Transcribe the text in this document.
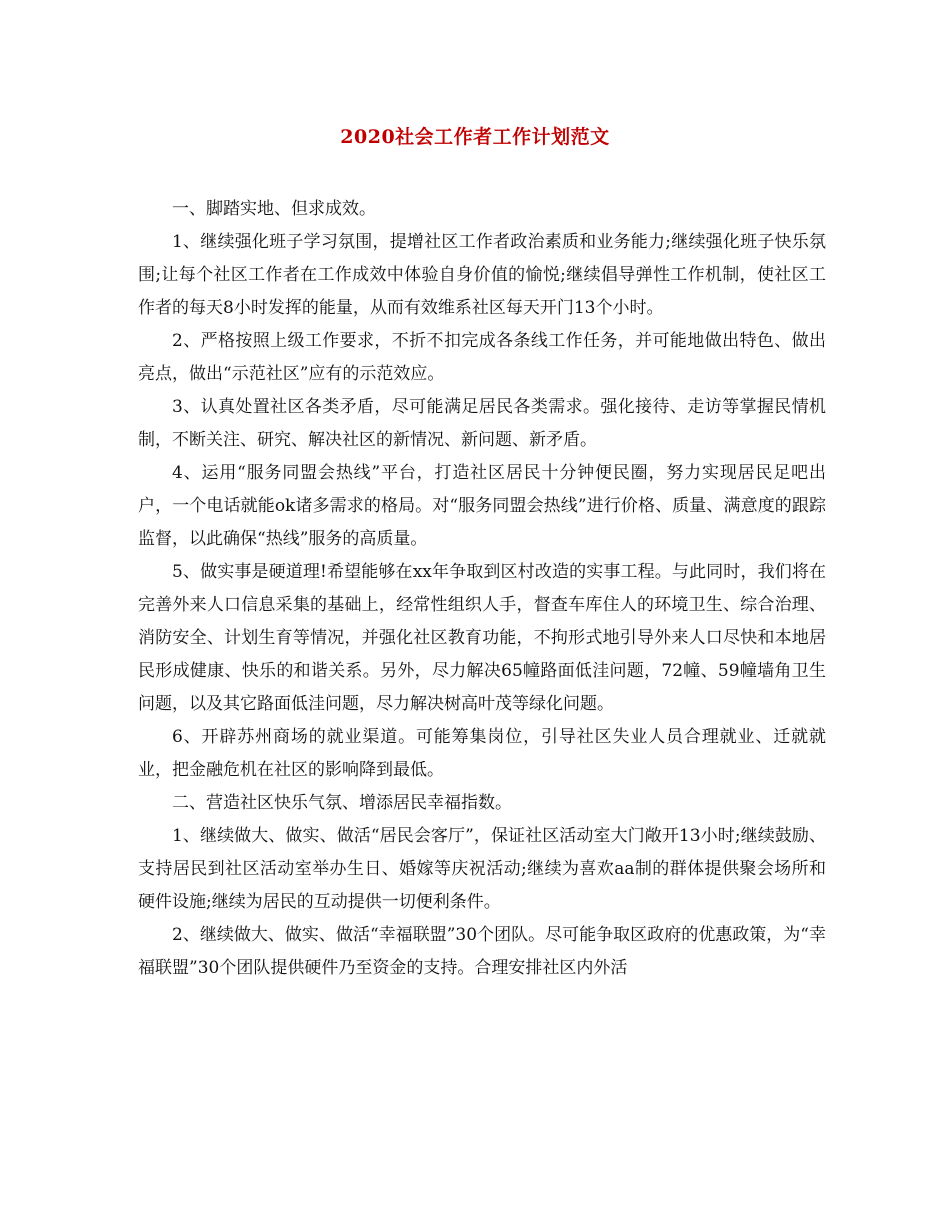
2020社会工作者工作计划范文

一、脚踏实地、但求成效。

1、继续强化班子学习氛围，提增社区工作者政治素质和业务能力;继续强化班子快乐氛围;让每个社区工作者在工作成效中体验自身价值的愉悦;继续倡导弹性工作机制，使社区工作者的每天8小时发挥的能量，从而有效维系社区每天开门13个小时。

2、严格按照上级工作要求，不折不扣完成各条线工作任务，并可能地做出特色、做出亮点，做出“示范社区”应有的示范效应。

3、认真处置社区各类矛盾，尽可能满足居民各类需求。强化接待、走访等掌握民情机制，不断关注、研究、解决社区的新情况、新问题、新矛盾。

4、运用“服务同盟会热线”平台，打造社区居民十分钟便民圈，努力实现居民足吧出户，一个电话就能ok诸多需求的格局。对“服务同盟会热线”进行价格、质量、满意度的跟踪监督，以此确保“热线”服务的高质量。

5、做实事是硬道理!希望能够在xx年争取到区村改造的实事工程。与此同时，我们将在完善外来人口信息采集的基础上，经常性组织人手，督查车库住人的环境卫生、综合治理、消防安全、计划生育等情况，并强化社区教育功能，不拘形式地引导外来人口尽快和本地居民形成健康、快乐的和谐关系。另外，尽力解决65幢路面低洼问题，72幢、59幢墙角卫生问题，以及其它路面低洼问题，尽力解决树高叶茂等绿化问题。

6、开辟苏州商场的就业渠道。可能筹集岗位，引导社区失业人员合理就业、迁就就业，把金融危机在社区的影响降到最低。

二、营造社区快乐气氛、增添居民幸福指数。

1、继续做大、做实、做活“居民会客厅”，保证社区活动室大门敞开13小时;继续鼓励、支持居民到社区活动室举办生日、婚嫁等庆祝活动;继续为喜欢aa制的群体提供聚会场所和硬件设施;继续为居民的互动提供一切便利条件。

2、继续做大、做实、做活“幸福联盟”30个团队。尽可能争取区政府的优惠政策，为“幸福联盟”30个团队提供硬件乃至资金的支持。合理安排社区内外活
